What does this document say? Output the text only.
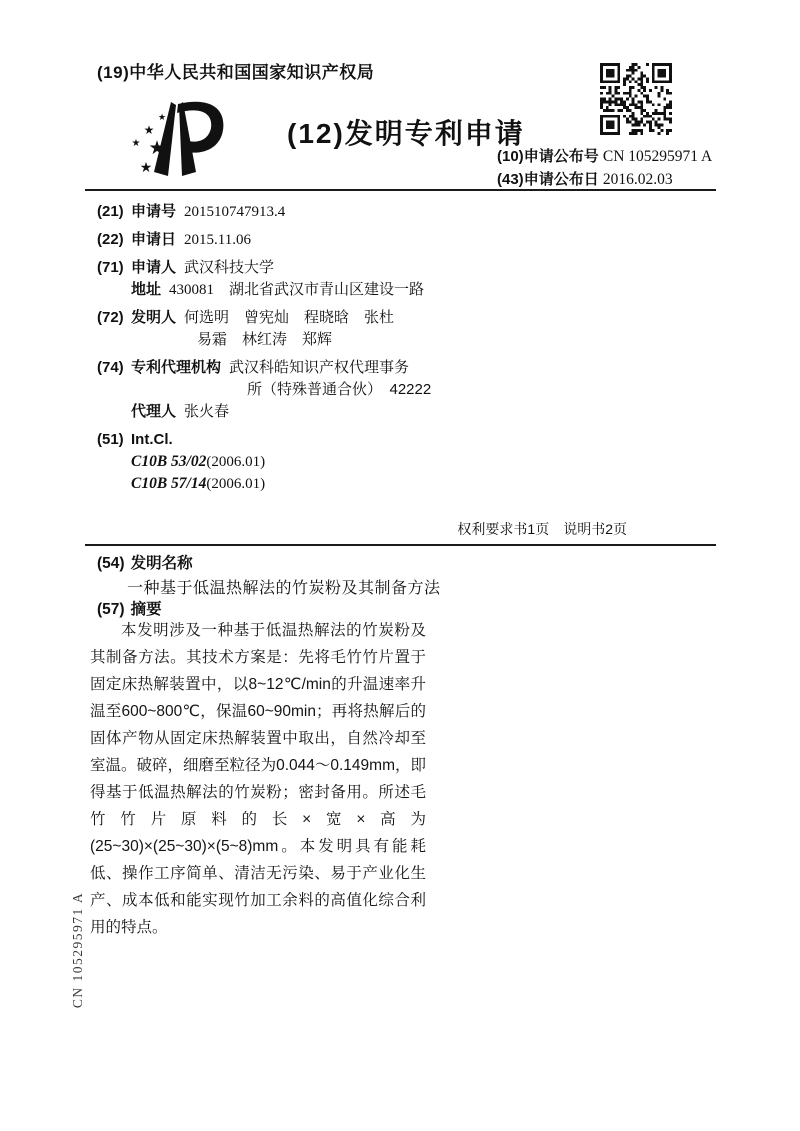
(19)中华人民共和国国家知识产权局
★
★
★
★
★
(12)发明专利申请
(10)申请公布号 CN 105295971 A
(43)申请公布日 2016.02.03
(21) 申请号 201510747913.4
(22) 申请日 2015.11.06
(71) 申请人 武汉科技大学
地址 430081　湖北省武汉市青山区建设一路
(72) 发明人 何选明　曾宪灿　程晓晗　张杜
易霜　林红涛　郑辉
(74) 专利代理机构 武汉科皓知识产权代理事务
所（特殊普通合伙）　42222
代理人 张火春
(51) Int.Cl.
C10B 53/02(2006.01)
C10B 57/14(2006.01)
权利要求书1页　说明书2页
(54) 发明名称
一种基于低温热解法的竹炭粉及其制备方法
(57) 摘要
本发明涉及一种基于低温热解法的竹炭粉及其制备方法。其技术方案是：先将毛竹竹片置于固定床热解装置中，以8~12℃/min的升温速率升温至600~800℃，保温60~90min；再将热解后的固体产物从固定床热解装置中取出，自然冷却至室温。破碎，细磨至粒径为0.044～0.149mm，即得基于低温热解法的竹炭粉；密封备用。所述毛竹竹片原料的长×宽×高为(25~30)×(25~30)×(5~8)mm。本发明具有能耗低、操作工序简单、清洁无污染、易于产业化生产、成本低和能实现竹加工余料的高值化综合利用的特点。
CN 105295971 A
